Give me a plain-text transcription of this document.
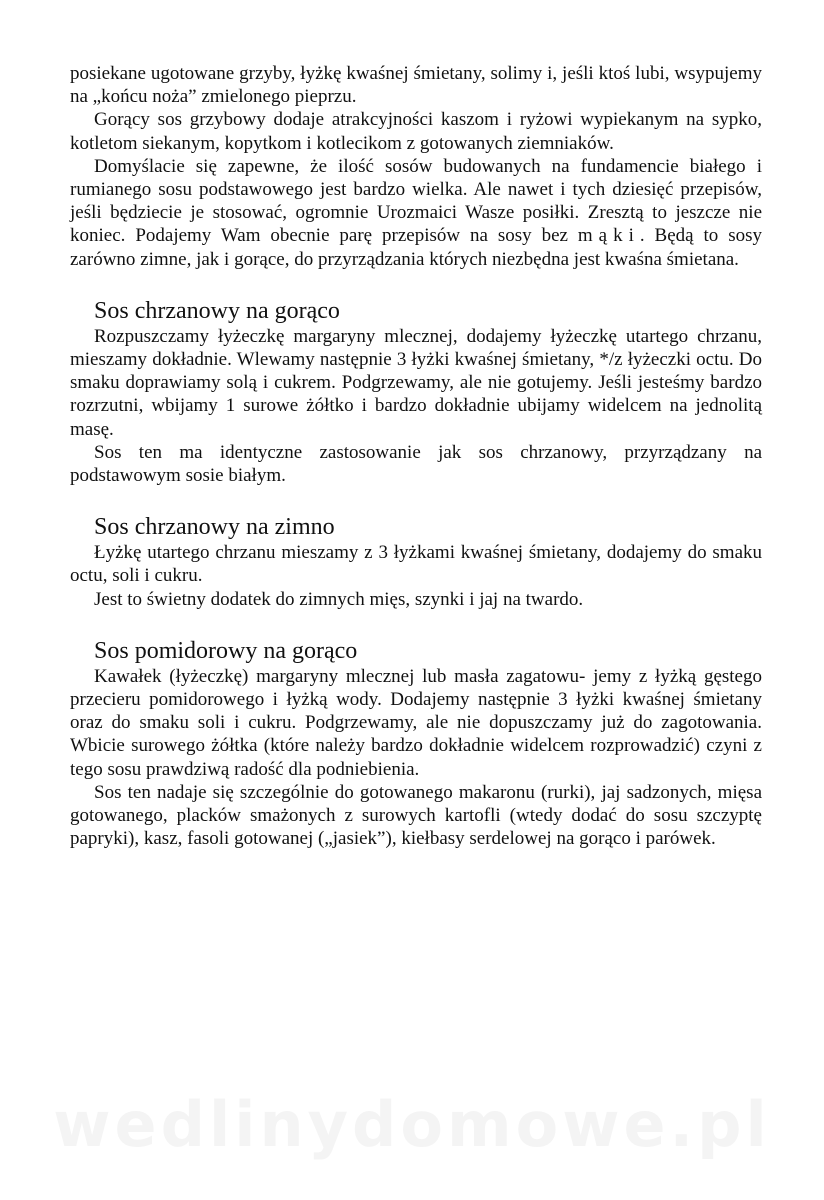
posiekane ugotowane grzyby, łyżkę kwaśnej śmietany, solimy i, jeśli ktoś lubi, wsypujemy na „końcu noża” zmielonego pieprzu.

Gorący sos grzybowy dodaje atrakcyjności kaszom i ryżowi wypiekanym na sypko, kotletom siekanym, kopytkom i kotlecikom z gotowanych ziemniaków.

Domyślacie się zapewne, że ilość sosów budowanych na fundamencie białego i rumianego sosu podstawowego jest bardzo wielka. Ale nawet i tych dziesięć przepisów, jeśli będziecie je stosować, ogromnie Urozmaici Wasze posiłki. Zresztą to jeszcze nie koniec. Podajemy Wam obecnie parę przepisów na sosy bez mąki. Będą to sosy zarówno zimne, jak i gorące, do przyrządzania których niezbędna jest kwaśna śmietana.

Sos chrzanowy na gorąco

Rozpuszczamy łyżeczkę margaryny mlecznej, dodajemy łyżeczkę utartego chrzanu, mieszamy dokładnie. Wlewamy następnie 3 łyżki kwaśnej śmietany, */z łyżeczki octu. Do smaku doprawiamy solą i cukrem. Podgrzewamy, ale nie gotujemy. Jeśli jesteśmy bardzo rozrzutni, wbijamy 1 surowe żółtko i bardzo dokładnie ubijamy widelcem na jednolitą masę.

Sos ten ma identyczne zastosowanie jak sos chrzanowy, przyrządzany na podstawowym sosie białym.

Sos chrzanowy na zimno

Łyżkę utartego chrzanu mieszamy z 3 łyżkami kwaśnej śmietany, dodajemy do smaku octu, soli i cukru.

Jest to świetny dodatek do zimnych mięs, szynki i jaj na twardo.

Sos pomidorowy na gorąco

Kawałek (łyżeczkę) margaryny mlecznej lub masła zagatowu- jemy z łyżką gęstego przecieru pomidorowego i łyżką wody. Dodajemy następnie 3 łyżki kwaśnej śmietany oraz do smaku soli i cukru. Podgrzewamy, ale nie dopuszczamy już do zagotowania. Wbicie surowego żółtka (które należy bardzo dokładnie widelcem rozprowadzić) czyni z tego sosu prawdziwą radość dla podniebienia.

Sos ten nadaje się szczególnie do gotowanego makaronu (rurki), jaj sadzonych, mięsa gotowanego, placków smażonych z surowych kartofli (wtedy dodać do sosu szczyptę papryki), kasz, fasoli gotowanej („jasiek”), kiełbasy serdelowej na gorąco i parówek.

wedlinydomowe.pl
